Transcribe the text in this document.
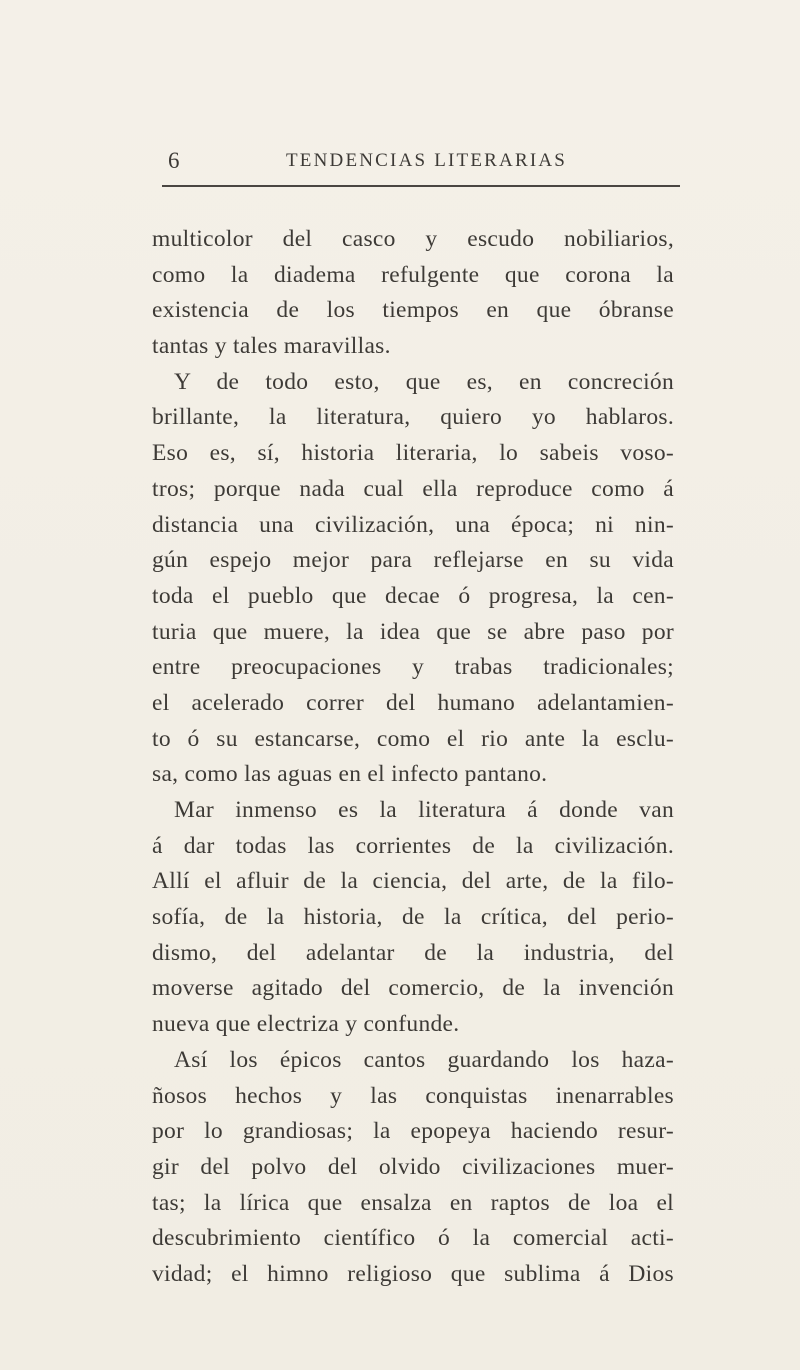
6	TENDENCIAS LITERARIAS
multicolor del casco y escudo nobiliarios,
como la diadema refulgente que corona la
existencia de los tiempos en que óbranse
tantas y tales maravillas.
Y de todo esto, que es, en concreción
brillante, la literatura, quiero yo hablaros.
Eso es, sí, historia literaria, lo sabeis voso-
tros; porque nada cual ella reproduce como á
distancia una civilización, una época; ni nin-
gún espejo mejor para reflejarse en su vida
toda el pueblo que decae ó progresa, la cen-
turia que muere, la idea que se abre paso por
entre preocupaciones y trabas tradicionales;
el acelerado correr del humano adelantamien-
to ó su estancarse, como el rio ante la esclu-
sa, como las aguas en el infecto pantano.
Mar inmenso es la literatura á donde van
á dar todas las corrientes de la civilización.
Allí el afluir de la ciencia, del arte, de la filo-
sofía, de la historia, de la crítica, del perio-
dismo, del adelantar de la industria, del
moverse agitado del comercio, de la invención
nueva que electriza y confunde.
Así los épicos cantos guardando los haza-
ñosos hechos y las conquistas inenarrables
por lo grandiosas; la epopeya haciendo resur-
gir del polvo del olvido civilizaciones muer-
tas; la lírica que ensalza en raptos de loa el
descubrimiento científico ó la comercial acti-
vidad; el himno religioso que sublima á Dios
